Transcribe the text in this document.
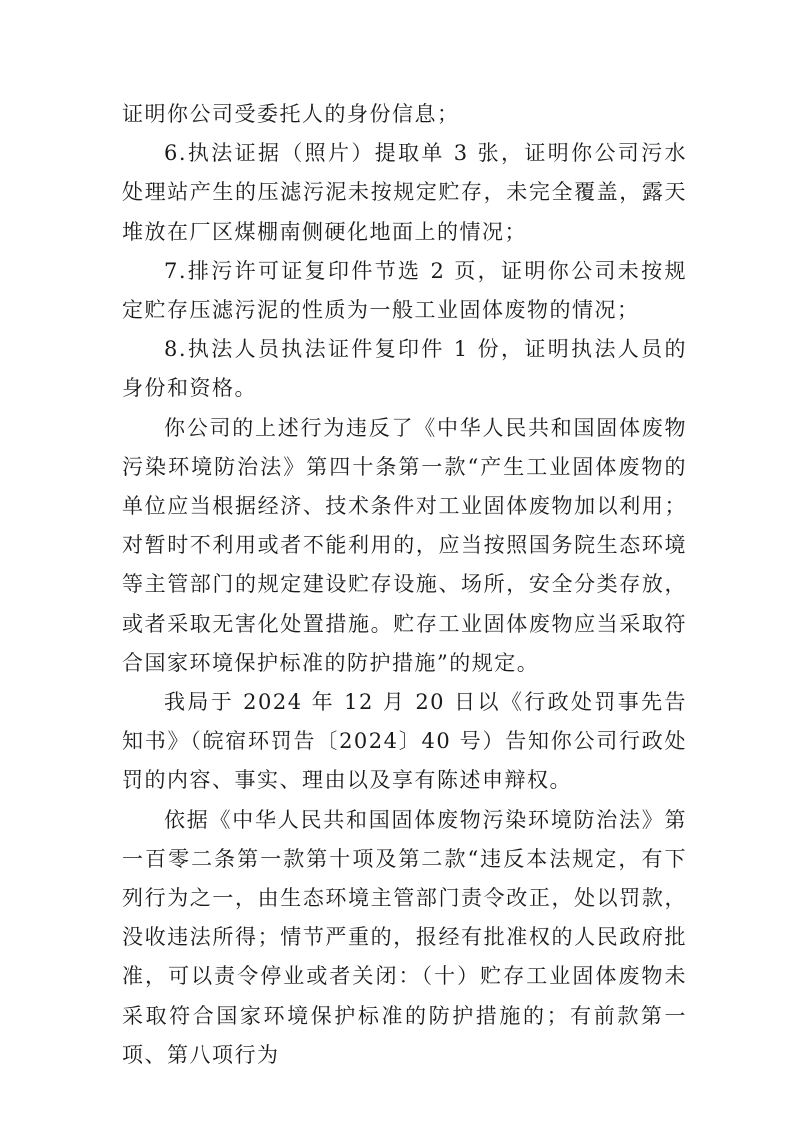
证明你公司受委托人的身份信息；

6.执法证据（照片）提取单 3 张，证明你公司污水处理站产生的压滤污泥未按规定贮存，未完全覆盖，露天堆放在厂区煤棚南侧硬化地面上的情况；

7.排污许可证复印件节选 2 页，证明你公司未按规定贮存压滤污泥的性质为一般工业固体废物的情况；

8.执法人员执法证件复印件 1 份，证明执法人员的身份和资格。

你公司的上述行为违反了《中华人民共和国固体废物污染环境防治法》第四十条第一款“产生工业固体废物的单位应当根据经济、技术条件对工业固体废物加以利用；对暂时不利用或者不能利用的，应当按照国务院生态环境等主管部门的规定建设贮存设施、场所，安全分类存放，或者采取无害化处置措施。贮存工业固体废物应当采取符合国家环境保护标准的防护措施”的规定。

我局于 2024 年 12 月 20 日以《行政处罚事先告知书》（皖宿环罚告〔2024〕40 号）告知你公司行政处罚的内容、事实、理由以及享有陈述申辩权。

依据《中华人民共和国固体废物污染环境防治法》第一百零二条第一款第十项及第二款“违反本法规定，有下列行为之一，由生态环境主管部门责令改正，处以罚款，没收违法所得；情节严重的，报经有批准权的人民政府批准，可以责令停业或者关闭：（十）贮存工业固体废物未采取符合国家环境保护标准的防护措施的；有前款第一项、第八项行为
